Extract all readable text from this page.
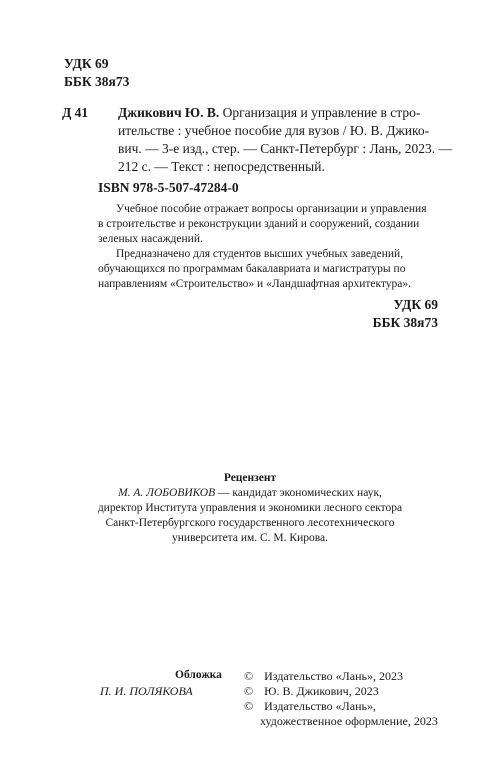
УДК 69
ББК 38я73
Д 41 Джикович Ю. В. Организация и управление в стро-
ительстве : учебное пособие для вузов / Ю. В. Джико-
вич. — 3-е изд., стер. — Санкт-Петербург : Лань, 2023. —
212 с. — Текст : непосредственный.
ISBN 978-5-507-47284-0
Учебное пособие отражает вопросы организации и управления
в строительстве и реконструкции зданий и сооружений, создании
зеленых насаждений.
Предназначено для студентов высших учебных заведений,
обучающихся по программам бакалавриата и магистратуры по
направлениям «Строительство» и «Ландшафтная архитектура».
УДК 69
ББК 38я73
Рецензент
М. А. ЛОБОВИКОВ — кандидат экономических наук,
директор Института управления и экономики лесного сектора
Санкт-Петербургского государственного лесотехнического
университета им. С. М. Кирова.
Обложка
П. И. ПОЛЯКОВА
© Издательство «Лань», 2023
© Ю. В. Джикович, 2023
© Издательство «Лань»,
художественное оформление, 2023
